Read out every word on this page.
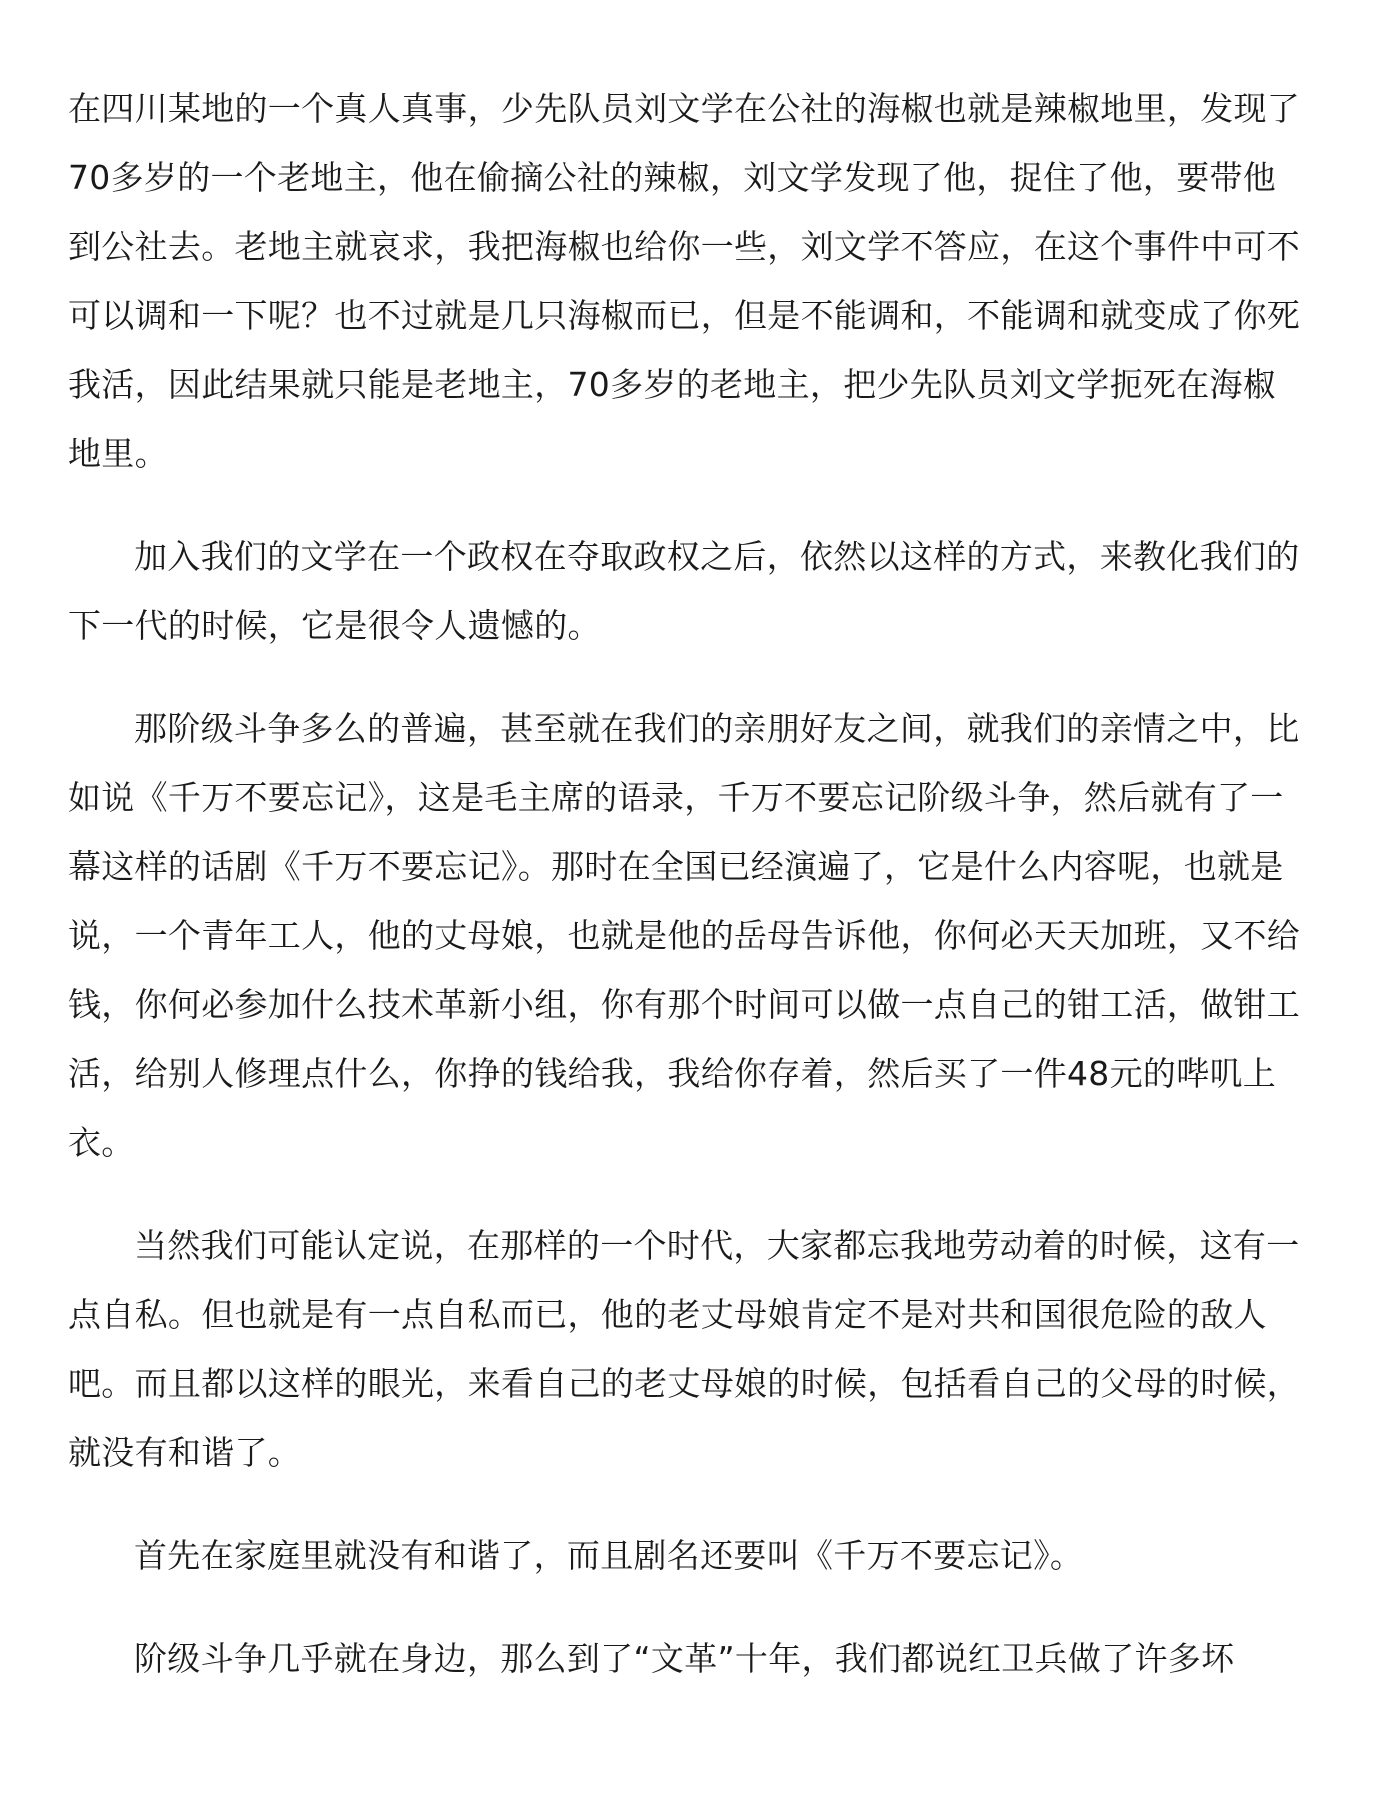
在四川某地的一个真人真事，少先队员刘文学在公社的海椒也就是辣椒地里，发现了70多岁的一个老地主，他在偷摘公社的辣椒，刘文学发现了他，捉住了他，要带他到公社去。老地主就哀求，我把海椒也给你一些，刘文学不答应，在这个事件中可不可以调和一下呢？也不过就是几只海椒而已，但是不能调和，不能调和就变成了你死我活，因此结果就只能是老地主，70多岁的老地主，把少先队员刘文学扼死在海椒地里。

加入我们的文学在一个政权在夺取政权之后，依然以这样的方式，来教化我们的下一代的时候，它是很令人遗憾的。

那阶级斗争多么的普遍，甚至就在我们的亲朋好友之间，就我们的亲情之中，比如说《千万不要忘记》，这是毛主席的语录，千万不要忘记阶级斗争，然后就有了一幕这样的话剧《千万不要忘记》。那时在全国已经演遍了，它是什么内容呢，也就是说，一个青年工人，他的丈母娘，也就是他的岳母告诉他，你何必天天加班，又不给钱，你何必参加什么技术革新小组，你有那个时间可以做一点自己的钳工活，做钳工活，给别人修理点什么，你挣的钱给我，我给你存着，然后买了一件48元的哔叽上衣。

当然我们可能认定说，在那样的一个时代，大家都忘我地劳动着的时候，这有一点自私。但也就是有一点自私而已，他的老丈母娘肯定不是对共和国很危险的敌人吧。而且都以这样的眼光，来看自己的老丈母娘的时候，包括看自己的父母的时候，就没有和谐了。

首先在家庭里就没有和谐了，而且剧名还要叫《千万不要忘记》。

阶级斗争几乎就在身边，那么到了“文革”十年，我们都说红卫兵做了许多坏
